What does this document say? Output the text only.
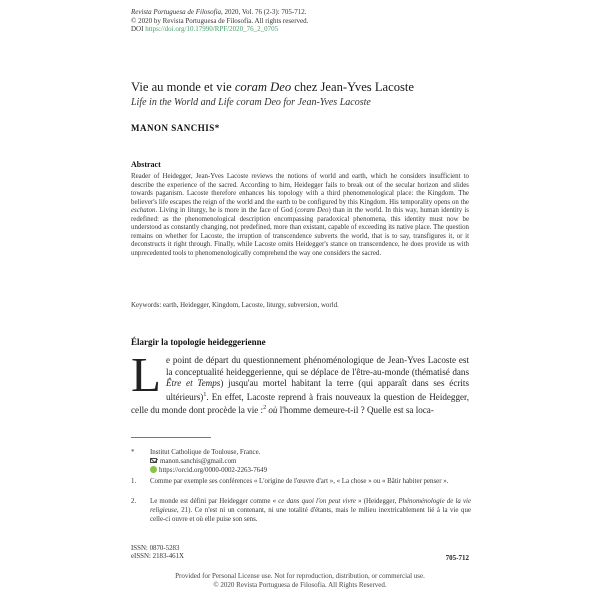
Revista Portuguesa de Filosofia, 2020, Vol. 76 (2-3): 705-712.
© 2020 by Revista Portuguesa de Filosofia. All rights reserved.
DOI https://doi.org/10.17990/RPF/2020_76_2_0705
Vie au monde et vie coram Deo chez Jean-Yves Lacoste
Life in the World and Life coram Deo for Jean-Yves Lacoste
MANON SANCHIS*
Abstract
Reader of Heidegger, Jean-Yves Lacoste reviews the notions of world and earth, which he considers insufficient to describe the experience of the sacred. According to him, Heidegger fails to break out of the secular horizon and slides towards paganism. Lacoste therefore enhances his topology with a third phenomenological place: the Kingdom. The believer's life escapes the reign of the world and the earth to be configured by this Kingdom. His temporality opens on the eschaton. Living in liturgy, he is more in the face of God (coram Deo) than in the world. In this way, human identity is redefined: as the phenomenological description encompassing paradoxical phenomena, this identity must now be understood as constantly changing, not predefined, more than existant, capable of exceeding its native place. The question remains on whether for Lacoste, the irruption of transcendence subverts the world, that is to say, transfigures it, or it deconstructs it right through. Finally, while Lacoste omits Heidegger's stance on transcendence, he does provide us with unprecedented tools to phenomenologically comprehend the way one considers the sacred.
Keywords: earth, Heidegger, Kingdom, Lacoste, liturgy, subversion, world.
Élargir la topologie heideggerienne
Le point de départ du questionnement phénoménologique de Jean-Yves Lacoste est la conceptualité heideggerienne, qui se déplace de l'être-au-monde (thématisé dans Être et Temps) jusqu'au mortel habitant la terre (qui apparaît dans ses écrits ultérieurs)$^1$. En effet, Lacoste reprend à frais nouveaux la question de Heidegger, celle du monde dont procède la vie :$^2$ où l'homme demeure-t-il ? Quelle est sa loca-
* Institut Catholique de Toulouse, France.
manon.sanchis@gmail.com
https://orcid.org/0000-0002-2263-7649
1. Comme par exemple ses conférences « L'origine de l'œuvre d'art », « La chose » ou « Bâtir habiter penser ».
2. Le monde est défini par Heidegger comme « ce dans quoi l'on peut vivre » (Heidegger, Phénoménologie de la vie religieuse, 21). Ce n'est ni un contenant, ni une totalité d'étants, mais le milieu inextricablement lié à la vie que celle-ci ouvre et où elle puise son sens.
ISSN: 0870-5283
eISSN: 2183-461X	705-712
Provided for Personal License use. Not for reproduction, distribution, or commercial use.
© 2020 Revista Portuguesa de Filosofia. All Rights Reserved.
